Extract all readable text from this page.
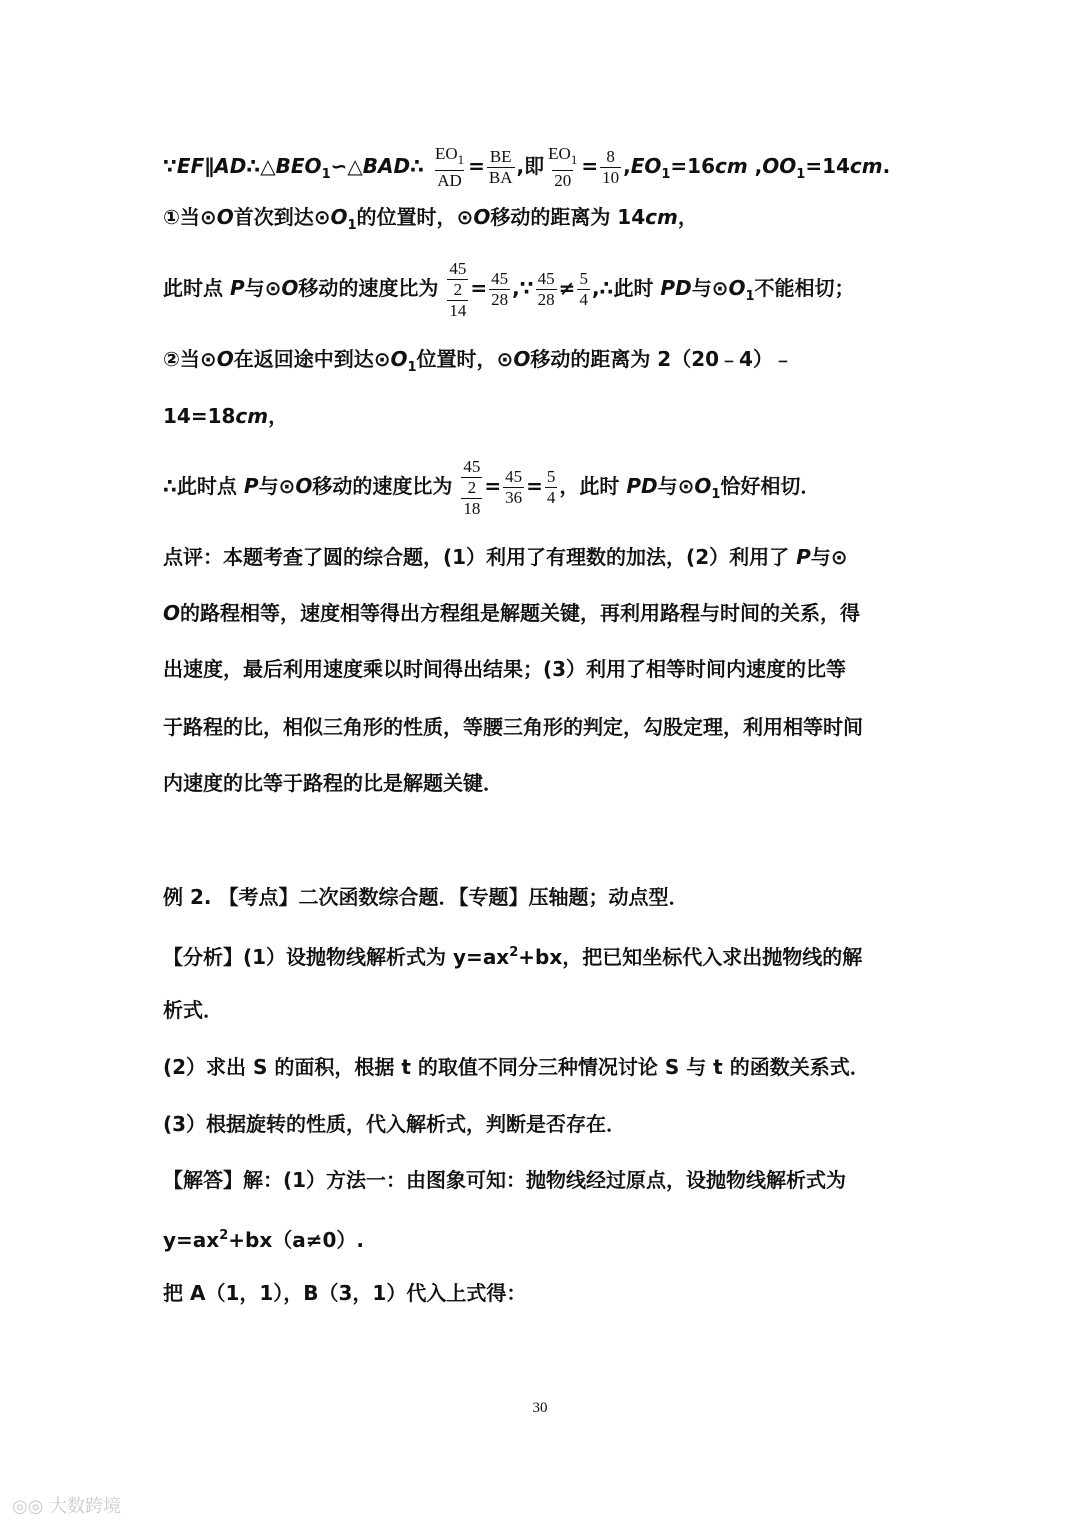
$\because EF\parallel AD\therefore\triangle BEO_1∽\triangle BAD\therefore \frac{EO_1}{AD} = \frac{BE}{BA}$ ,即 $\frac{EO_1}{20} = \frac{8}{10} ,EO_1=16cm$ $,OO_1=14cm$.
①当⊙O首次到达$⊙O_1$的位置时，⊙O移动的距离为 14cm，
此时点 P与⊙O移动的速度比为 $\frac{\frac{45}{2}}{14} = \frac{45}{28}$ ,∵ $\frac{45}{28} \ne \frac{5}{4}$ ,∴此时 PD与$⊙O_1$不能相切；
②当⊙O在返回途中到达$⊙O_1$位置时，⊙O移动的距离为 2（20﹣4）﹣
14=18cm，
∴此时点 P与⊙O移动的速度比为 $\frac{\frac{45}{2}}{18} = \frac{45}{36} = \frac{5}{4}$ ，此时 PD与$⊙O_1$恰好相切．
点评：本题考查了圆的综合题，(1）利用了有理数的加法，(2）利用了 P与⊙
O的路程相等，速度相等得出方程组是解题关键，再利用路程与时间的关系，得
出速度，最后利用速度乘以时间得出结果；(3）利用了相等时间内速度的比等
于路程的比，相似三角形的性质，等腰三角形的判定，勾股定理，利用相等时间
内速度的比等于路程的比是解题关键．
例 2. 【考点】二次函数综合题．【专题】压轴题；动点型．
【分析】(1）设抛物线解析式为 $y=ax^2+bx$，把已知坐标代入求出抛物线的解
析式．
(2）求出 S 的面积，根据 t 的取值不同分三种情况讨论 S 与 t 的函数关系式．
(3）根据旋转的性质，代入解析式，判断是否存在．
【解答】解：(1）方法一：由图象可知：抛物线经过原点，设抛物线解析式为
$y=ax^2+bx(a\ne 0)$.
把 A（1，1），B（3，1）代入上式得：
30
◎◎ 大数跨境
